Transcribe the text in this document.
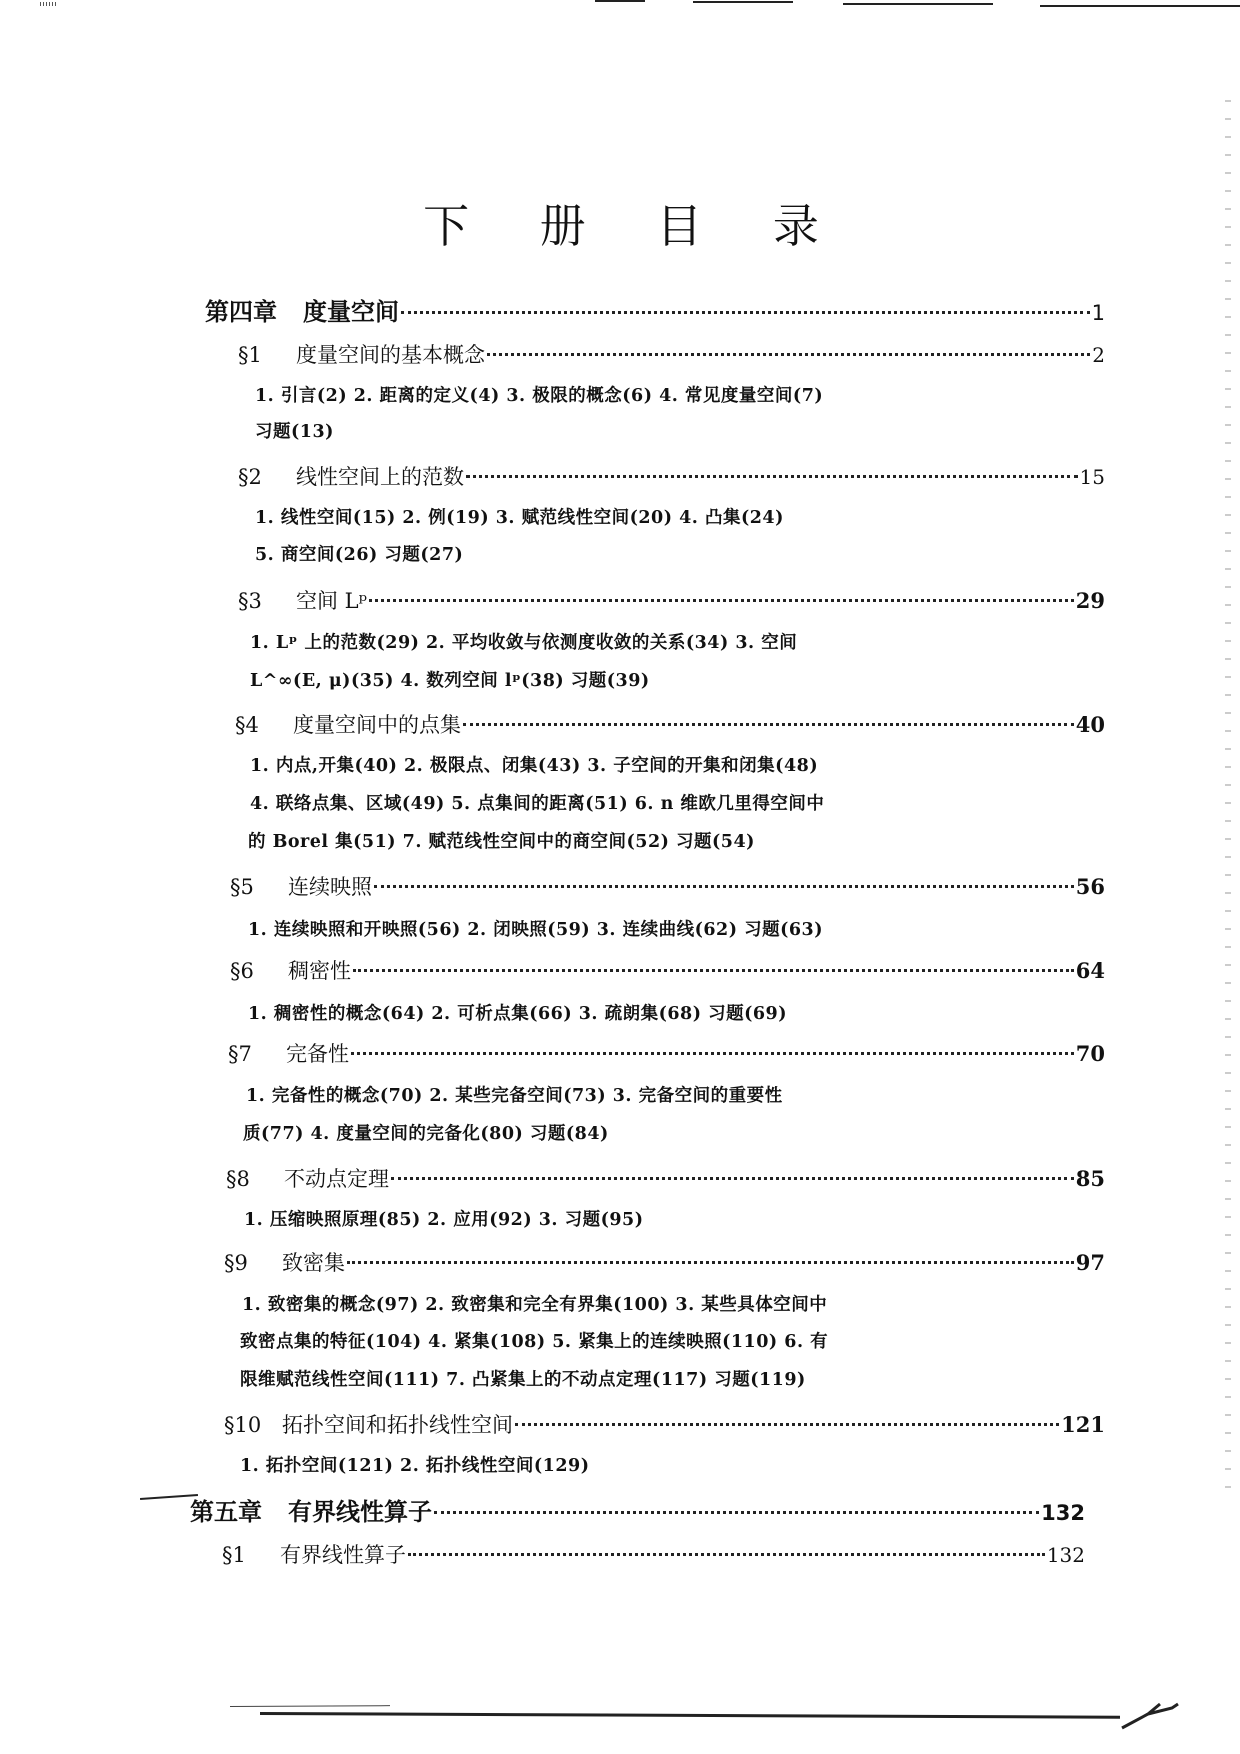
下 册 目 录
第四章 度量空间	1
§1 度量空间的基本概念	2
1. 引言(2) 2. 距离的定义(4) 3. 极限的概念(6) 4. 常见度量空间(7)
习题(13)
§2 线性空间上的范数	15
1. 线性空间(15) 2. 例(19) 3. 赋范线性空间(20) 4. 凸集(24)
5. 商空间(26) 习题(27)
§3 空间 Lᵖ	29
1. Lᵖ 上的范数(29) 2. 平均收敛与依测度收敛的关系(34) 3. 空间
L^∞(E, μ)(35) 4. 数列空间 lᵖ(38) 习题(39)
§4 度量空间中的点集	40
1. 内点,开集(40) 2. 极限点、闭集(43) 3. 子空间的开集和闭集(48)
4. 联络点集、区域(49) 5. 点集间的距离(51) 6. n 维欧几里得空间中
的 Borel 集(51) 7. 赋范线性空间中的商空间(52) 习题(54)
§5 连续映照	56
1. 连续映照和开映照(56) 2. 闭映照(59) 3. 连续曲线(62) 习题(63)
§6 稠密性	64
1. 稠密性的概念(64) 2. 可析点集(66) 3. 疏朗集(68) 习题(69)
§7 完备性	70
1. 完备性的概念(70) 2. 某些完备空间(73) 3. 完备空间的重要性
质(77) 4. 度量空间的完备化(80) 习题(84)
§8 不动点定理	85
1. 压缩映照原理(85) 2. 应用(92) 3. 习题(95)
§9 致密集	97
1. 致密集的概念(97) 2. 致密集和完全有界集(100) 3. 某些具体空间中
致密点集的特征(104) 4. 紧集(108) 5. 紧集上的连续映照(110) 6. 有
限维赋范线性空间(111) 7. 凸紧集上的不动点定理(117) 习题(119)
§10 拓扑空间和拓扑线性空间	121
1. 拓扑空间(121) 2. 拓扑线性空间(129)
第五章 有界线性算子	132
§1 有界线性算子	132
